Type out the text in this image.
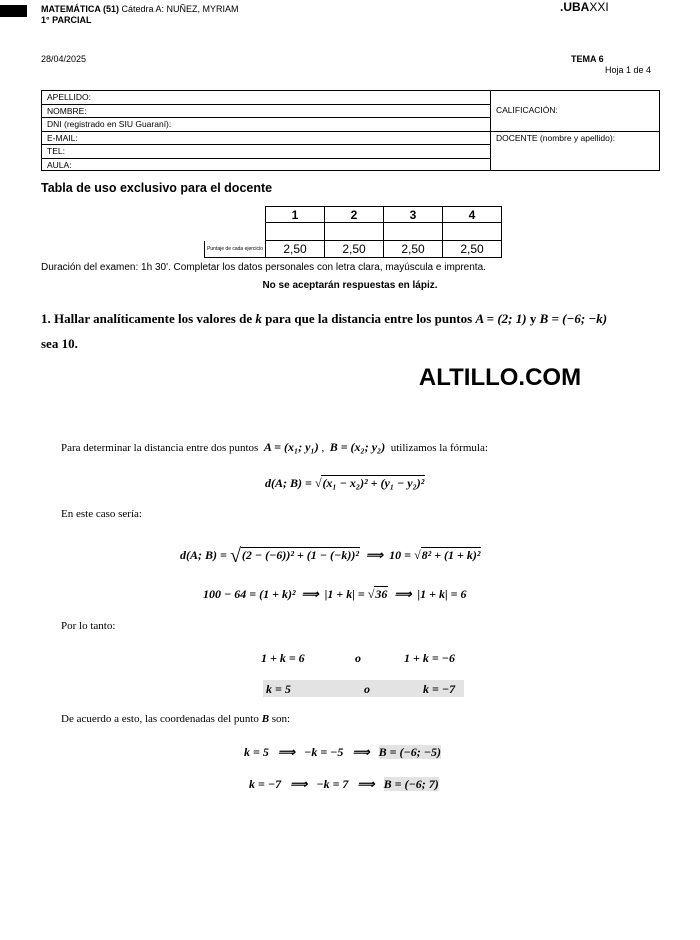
MATEMÁTICA (51) Cátedra A: NUÑEZ, MYRIAM
1° PARCIAL
.UBAXXI
28/04/2025	TEMA 6
Hoja 1 de 4
APELLIDO:
NOMBRE:
DNI (registrado en SIU Guaraní):
E-MAIL:
TEL:
AULA:
CALIFICACIÓN:
DOCENTE (nombre y apellido):
Tabla de uso exclusivo para el docente
	1	2	3	4

Puntaje de cada ejercicio	2,50	2,50	2,50	2,50
Duración del examen: 1h 30'. Completar los datos personales con letra clara, mayúscula e imprenta.
No se aceptarán respuestas en lápiz.
1. Hallar analíticamente los valores de k para que la distancia entre los puntos A = (2; 1) y B = (−6; −k)
sea 10.
ALTILLO.COM
Para determinar la distancia entre dos puntos A = (x₁; y₁) , B = (x₂; y₂) utilizamos la fórmula:
d(A; B) = √(x₁ − x₂)² + (y₁ − y₂)²
En este caso sería:
d(A; B) = √(2 − (−6))² + (1 − (−k))² ⟹ 10 = √8² + (1 + k)²
100 − 64 = (1 + k)² ⟹ |1 + k| = √36 ⟹ |1 + k| = 6
Por lo tanto:
1 + k = 6	o	1 + k = −6
k = 5	o	k = −7
De acuerdo a esto, las coordenadas del punto B son:
k = 5 ⟹ −k = −5 ⟹ B = (−6; −5)
k = −7 ⟹ −k = 7 ⟹ B = (−6; 7)
